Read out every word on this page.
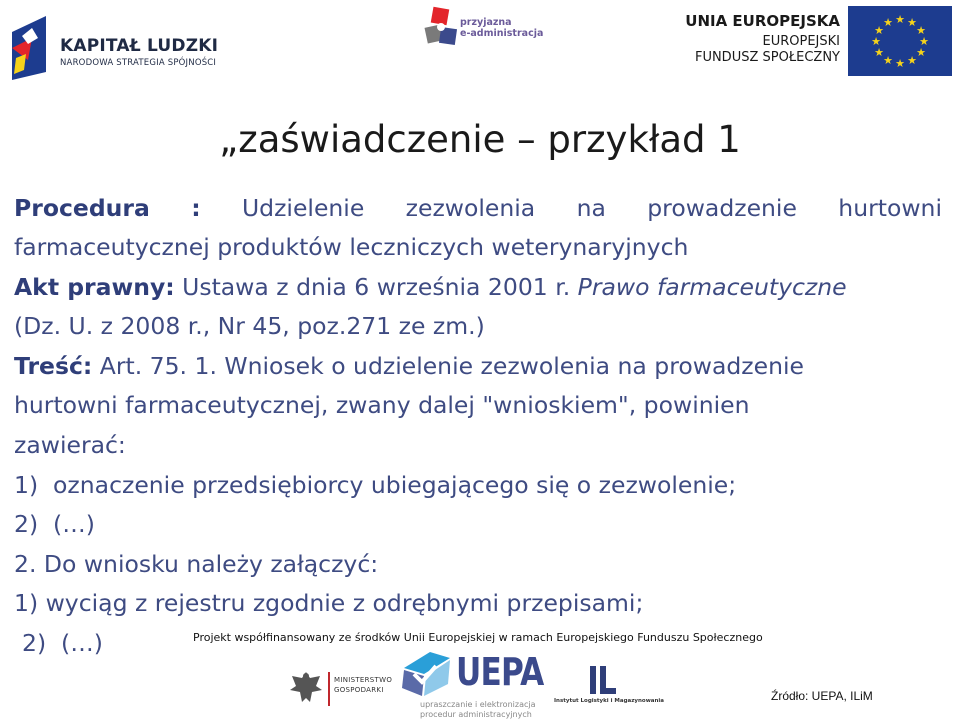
KAPITAŁ LUDZKI
NARODOWA STRATEGIA SPÓJNOŚCI
przyjazna
e-administracja
UNIA EUROPEJSKA
EUROPEJSKI
FUNDUSZ SPOŁECZNY
★ ★
★
★
★
★
★
★
★
★
★
★
„zaświadczenie – przykład 1
Procedura : Udzielenie zezwolenia na prowadzenie hurtowni
farmaceutycznej produktów leczniczych weterynaryjnych
Akt prawny: Ustawa z dnia 6 września 2001 r. Prawo farmaceutyczne
(Dz. U. z 2008 r., Nr 45, poz.271 ze zm.)
Treść: Art. 75. 1. Wniosek o udzielenie zezwolenia na prowadzenie
hurtowni farmaceutycznej, zwany dalej "wnioskiem", powinien
zawierać:
1)  oznaczenie przedsiębiorcy ubiegającego się o zezwolenie;
2)  (…)
2. Do wniosku należy załączyć:
1) wyciąg z rejestru zgodnie z odrębnymi przepisami;
2)  (…)	Projekt współfinansowany ze środków Unii Europejskiej w ramach Europejskiego Funduszu Społecznego
MINISTERSTWO
GOSPODARKI UEPA
upraszczanie i elektronizacja
procedur administracyjnych
Instytut Logistyki i Magazynowania	Źródło: UEPA, ILiM
